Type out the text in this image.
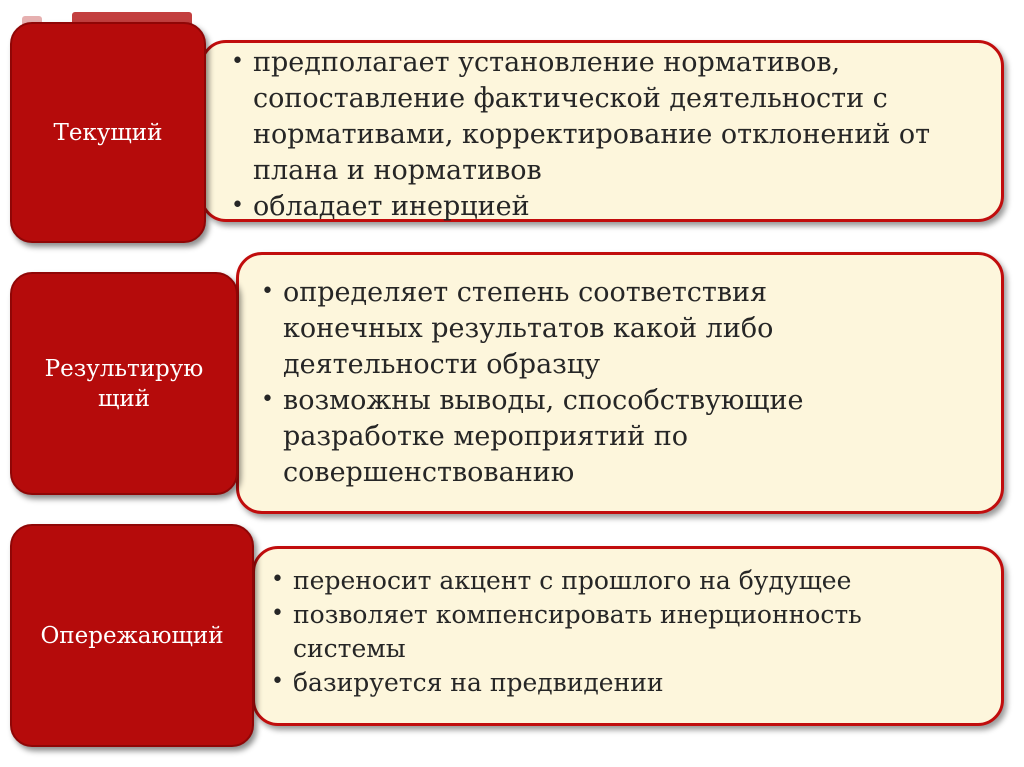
• предполагает установление нормативов, сопоставление фактической деятельности с нормативами, корректирование отклонений от плана и нормативов
• обладает инерцией
Текущий
• определяет степень соответствия конечных результатов какой либо деятельности образцу
• возможны выводы, способствующие разработке мероприятий по совершенствованию
Результирую щий
• переносит акцент с прошлого на будущее
• позволяет компенсировать инерционность системы
• базируется на предвидении
Опережающий
